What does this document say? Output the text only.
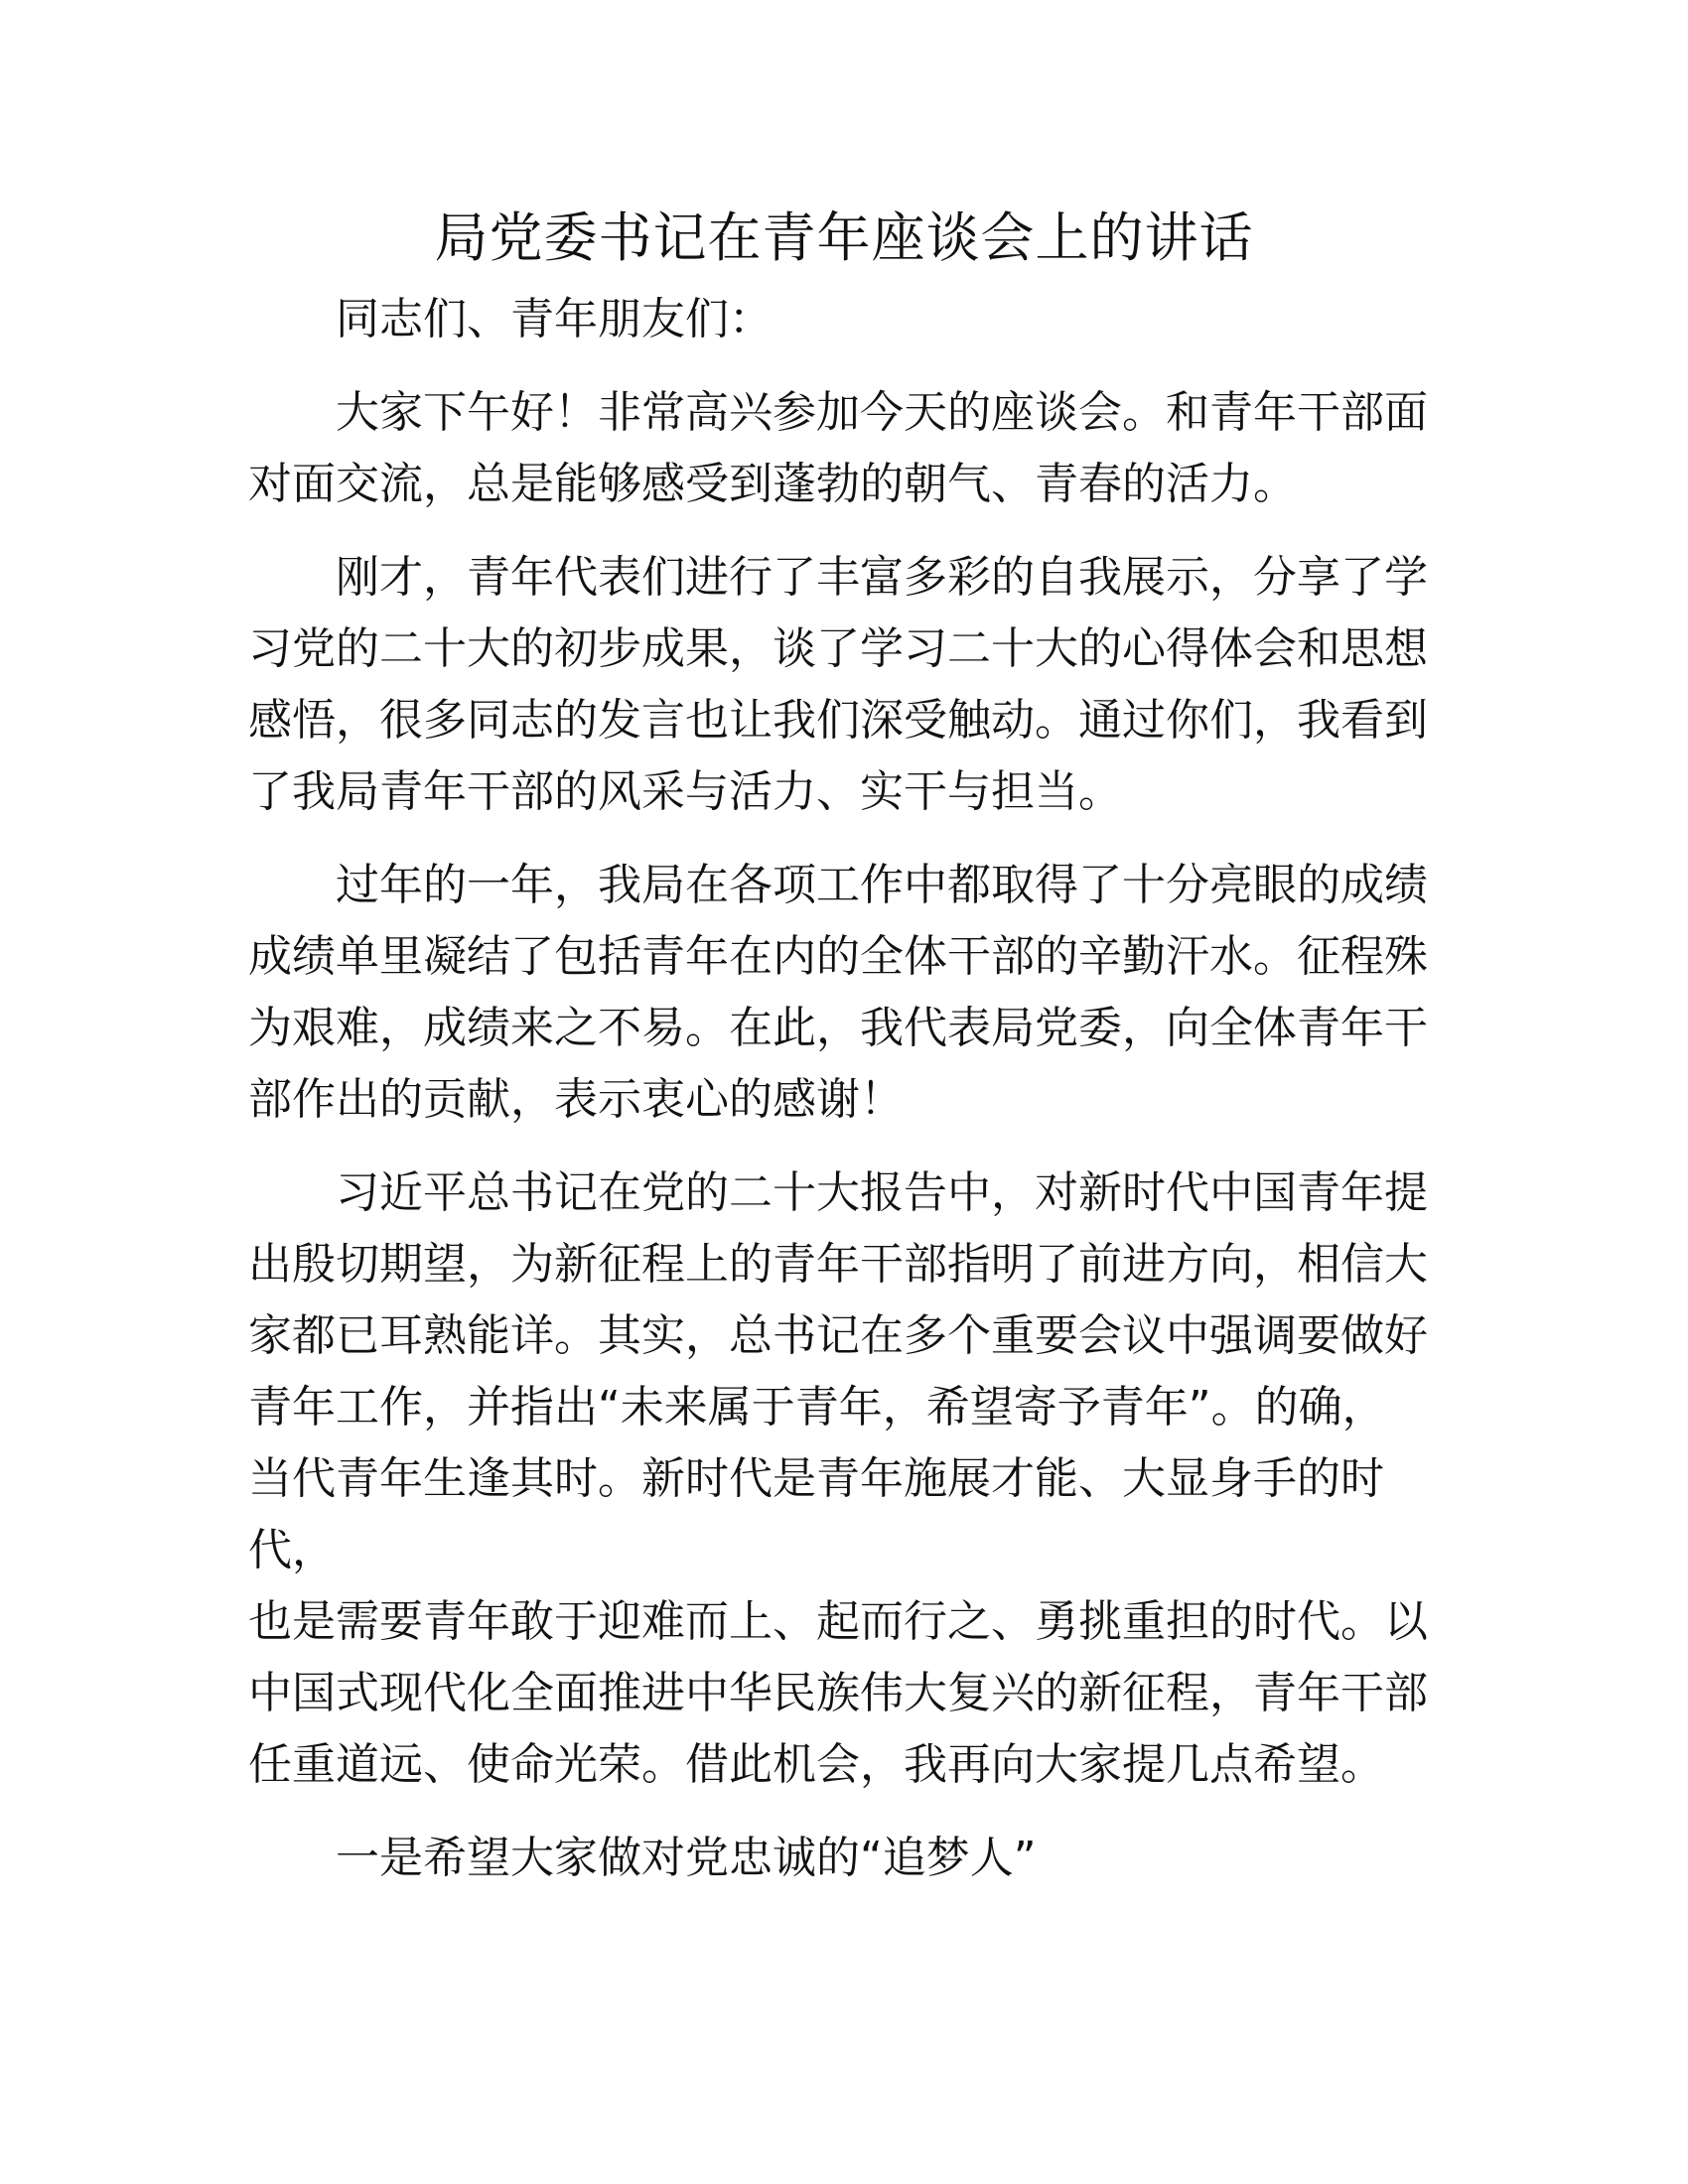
局党委书记在青年座谈会上的讲话

同志们、青年朋友们：

大家下午好！非常高兴参加今天的座谈会。和青年干部面
对面交流，总是能够感受到蓬勃的朝气、青春的活力。

刚才，青年代表们进行了丰富多彩的自我展示，分享了学
习党的二十大的初步成果，谈了学习二十大的心得体会和思想
感悟，很多同志的发言也让我们深受触动。通过你们，我看到
了我局青年干部的风采与活力、实干与担当。

过年的一年，我局在各项工作中都取得了十分亮眼的成绩
成绩单里凝结了包括青年在内的全体干部的辛勤汗水。征程殊
为艰难，成绩来之不易。在此，我代表局党委，向全体青年干
部作出的贡献，表示衷心的感谢！

习近平总书记在党的二十大报告中，对新时代中国青年提
出殷切期望，为新征程上的青年干部指明了前进方向，相信大
家都已耳熟能详。其实，总书记在多个重要会议中强调要做好
青年工作，并指出“未来属于青年，希望寄予青年”。的确，
当代青年生逢其时。新时代是青年施展才能、大显身手的时代，
也是需要青年敢于迎难而上、起而行之、勇挑重担的时代。以
中国式现代化全面推进中华民族伟大复兴的新征程，青年干部
任重道远、使命光荣。借此机会，我再向大家提几点希望。

一是希望大家做对党忠诚的“追梦人”
